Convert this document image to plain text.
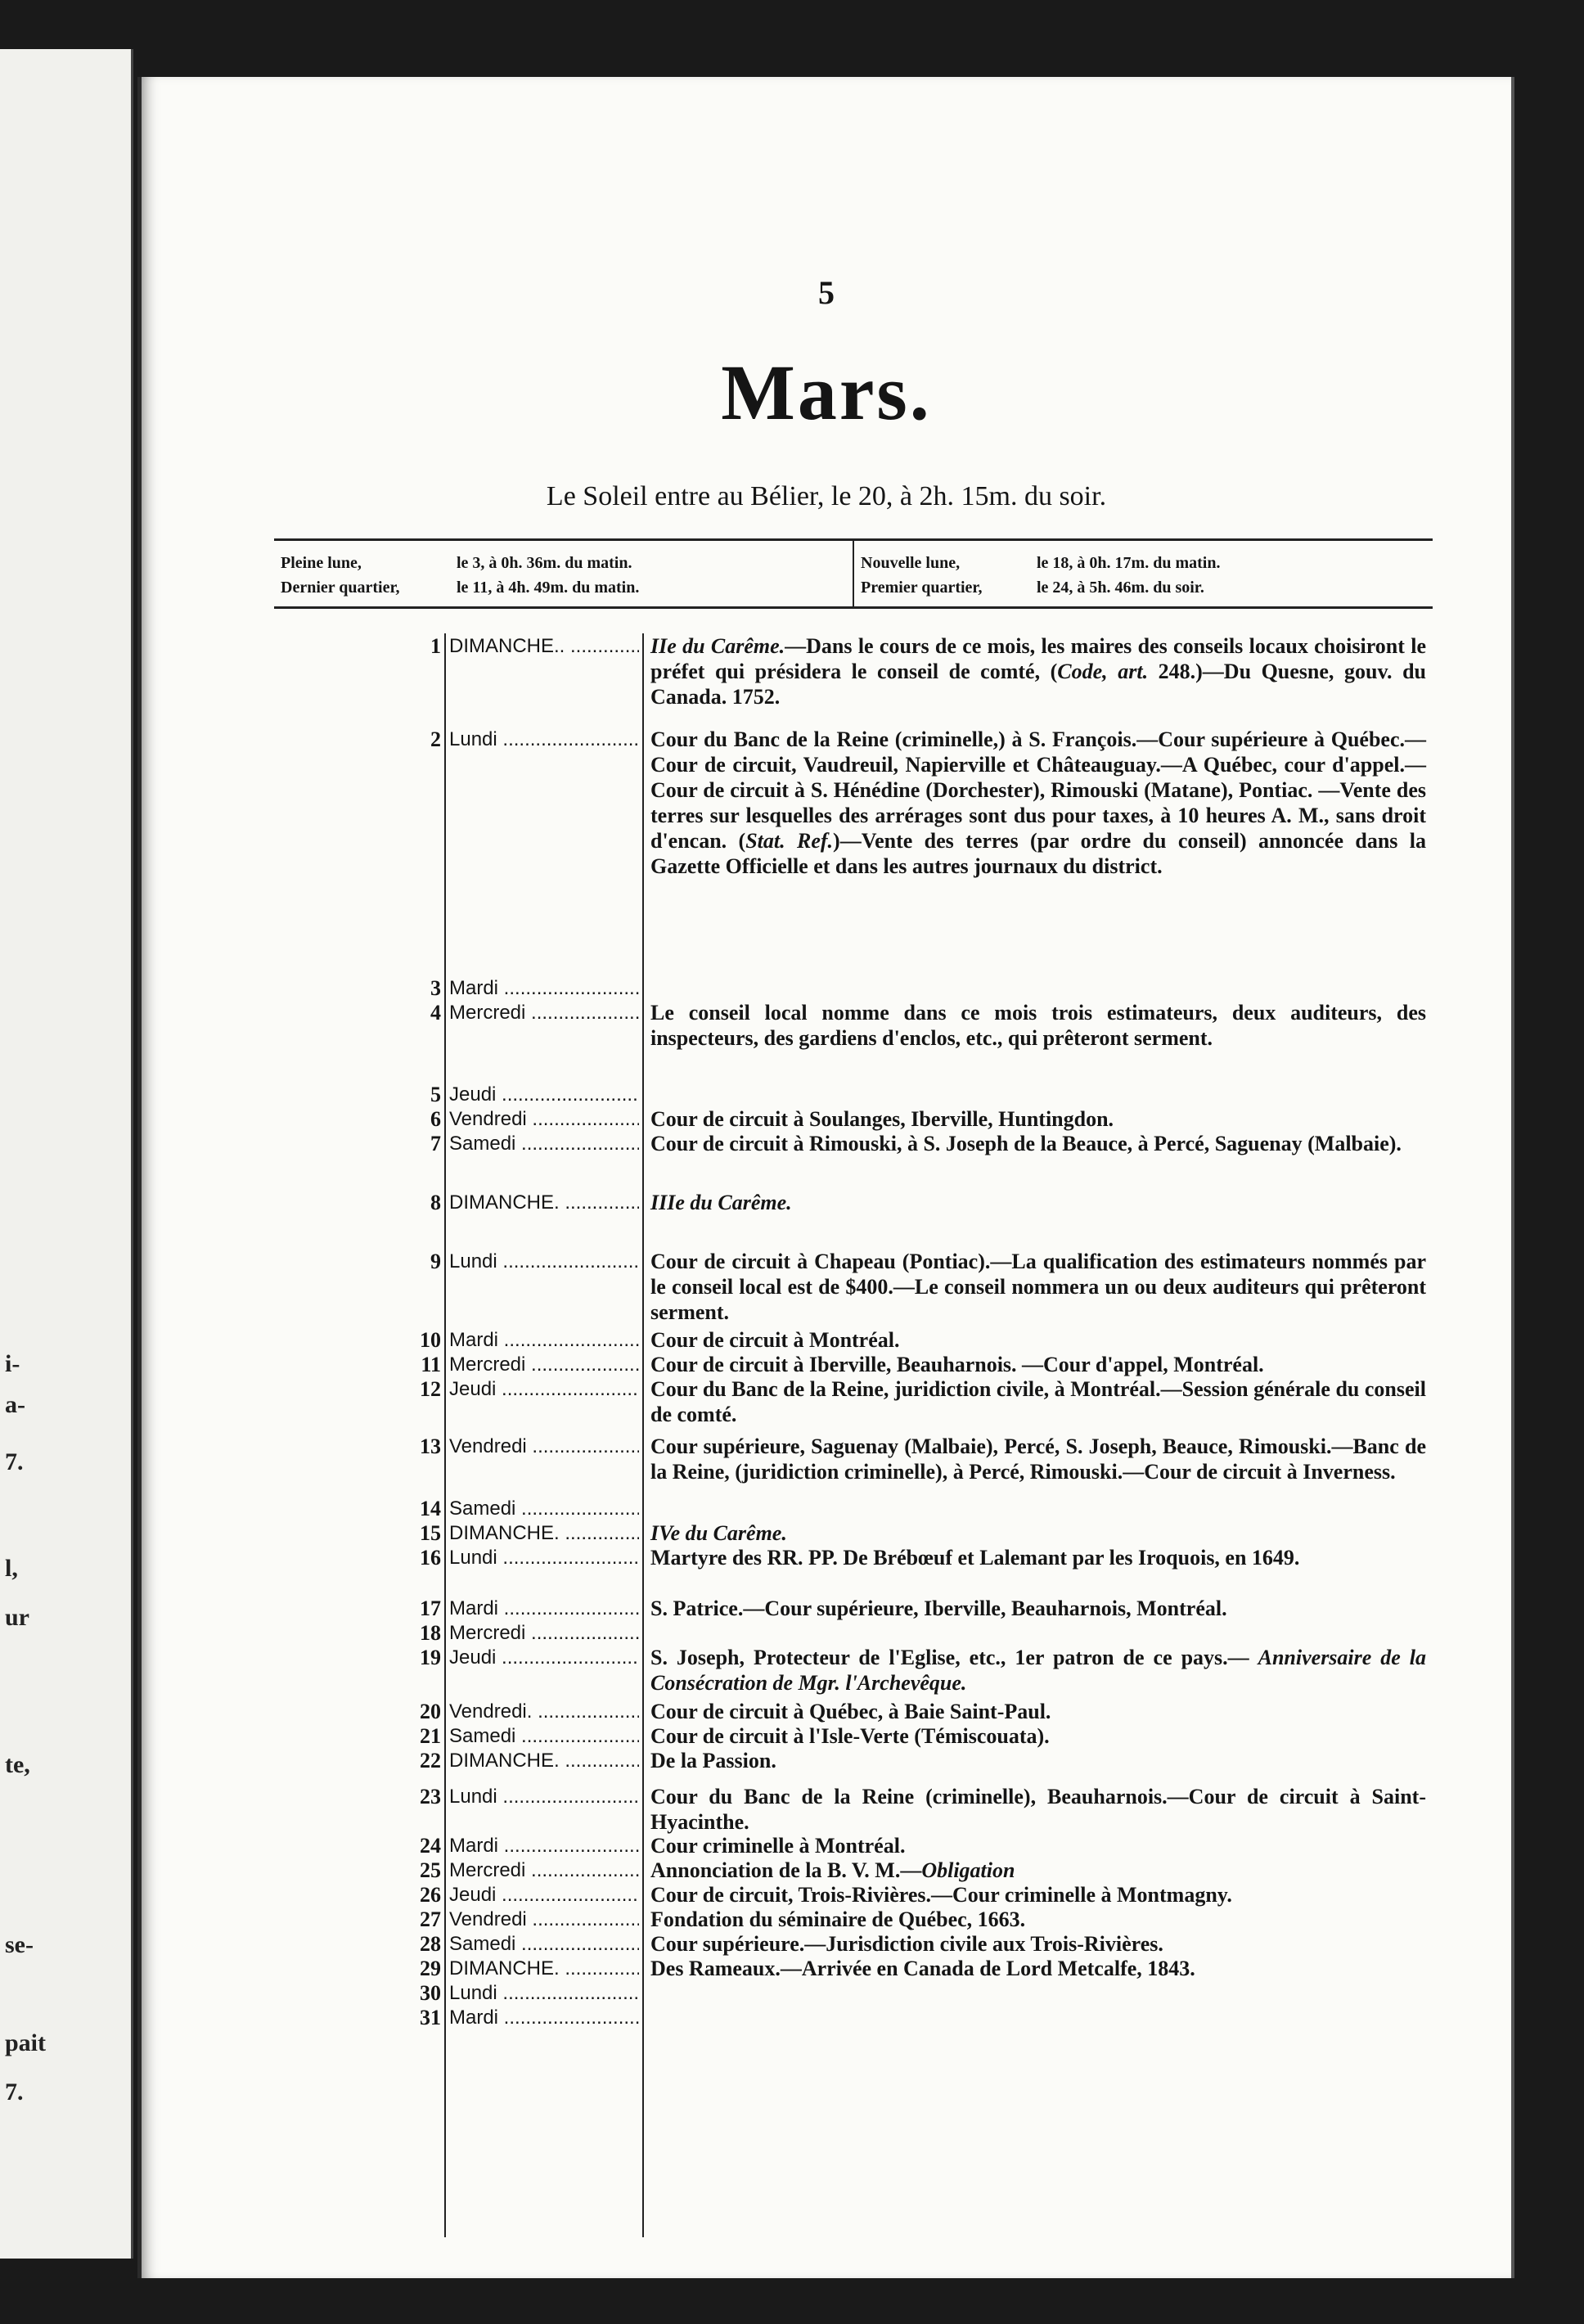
i-
a-
7.
l,
ur
te,
se-
pait
7.
5
Mars.
Le Soleil entre au Bélier, le 20, à 2h. 15m. du soir.
Pleine lune,	le 3, à 0h. 36m. du matin.
Dernier quartier,	le 11, à 4h. 49m. du matin.
Nouvelle lune,	le 18, à 0h. 17m. du matin.
Premier quartier,	le 24, à 5h. 46m. du soir.
1 DIMANCHE.. .....	IIe du Carême.—Dans le cours de ce mois, les maires des conseils locaux choisiront le préfet qui présidera le conseil de comté, (Code, art. 248.)—Du Quesne, gouv. du Canada. 1752.
2 Lundi .....	Cour du Banc de la Reine (criminelle,) à S. François.—Cour supérieure à Québec.—Cour de circuit, Vaudreuil, Napierville et Châteauguay.—A Québec, cour d'appel.—Cour de circuit à S. Hénédine (Dorchester), Rimouski (Matane), Pontiac. —Vente des terres sur lesquelles des arrérages sont dus pour taxes, à 10 heures A. M., sans droit d'encan. (Stat. Ref.)—Vente des terres (par ordre du conseil) annoncée dans la Gazette Officielle et dans les autres journaux du district.
3 Mardi .....
4 Mercredi .....	Le conseil local nomme dans ce mois trois estimateurs, deux auditeurs, des inspecteurs, des gardiens d'enclos, etc., qui prêteront serment.
5 Jeudi .....
6 Vendredi .....	Cour de circuit à Soulanges, Iberville, Huntingdon.
7 Samedi .....	Cour de circuit à Rimouski, à S. Joseph de la Beauce, à Percé, Saguenay (Malbaie).
8 DIMANCHE. .....	IIIe du Carême.
9 Lundi .....	Cour de circuit à Chapeau (Pontiac).—La qualification des estimateurs nommés par le conseil local est de $400.—Le conseil nommera un ou deux auditeurs qui prêteront serment.
10 Mardi .....	Cour de circuit à Montréal.
11 Mercredi .....	Cour de circuit à Iberville, Beauharnois. —Cour d'appel, Montréal.
12 Jeudi .....	Cour du Banc de la Reine, juridiction civile, à Montréal.—Session générale du conseil de comté.
13 Vendredi .....	Cour supérieure, Saguenay (Malbaie), Percé, S. Joseph, Beauce, Rimouski.—Banc de la Reine, (juridiction criminelle), à Percé, Rimouski.—Cour de circuit à Inverness.
14 Samedi .....
15 DIMANCHE. .....	IVe du Carême.
16 Lundi .....	Martyre des RR. PP. De Brébœuf et Lalemant par les Iroquois, en 1649.
17 Mardi .....	S. Patrice.—Cour supérieure, Iberville, Beauharnois, Montréal.
18 Mercredi .....
19 Jeudi .....	S. Joseph, Protecteur de l'Eglise, etc., 1er patron de ce pays.— Anniversaire de la Consécration de Mgr. l'Archevêque.
20 Vendredi. .....	Cour de circuit à Québec, à Baie Saint-Paul.
21 Samedi .....	Cour de circuit à l'Isle-Verte (Témiscouata).
22 DIMANCHE. .....	De la Passion.
23 Lundi .....	Cour du Banc de la Reine (criminelle), Beauharnois.—Cour de circuit à Saint-Hyacinthe.
24 Mardi .....	Cour criminelle à Montréal.
25 Mercredi .....	Annonciation de la B. V. M.—Obligation
26 Jeudi .....	Cour de circuit, Trois-Rivières.—Cour criminelle à Montmagny.
27 Vendredi .....	Fondation du séminaire de Québec, 1663.
28 Samedi .....	Cour supérieure.—Jurisdiction civile aux Trois-Rivières.
29 DIMANCHE. .....	Des Rameaux.—Arrivée en Canada de Lord Metcalfe, 1843.
30 Lundi .....
31 Mardi .....
